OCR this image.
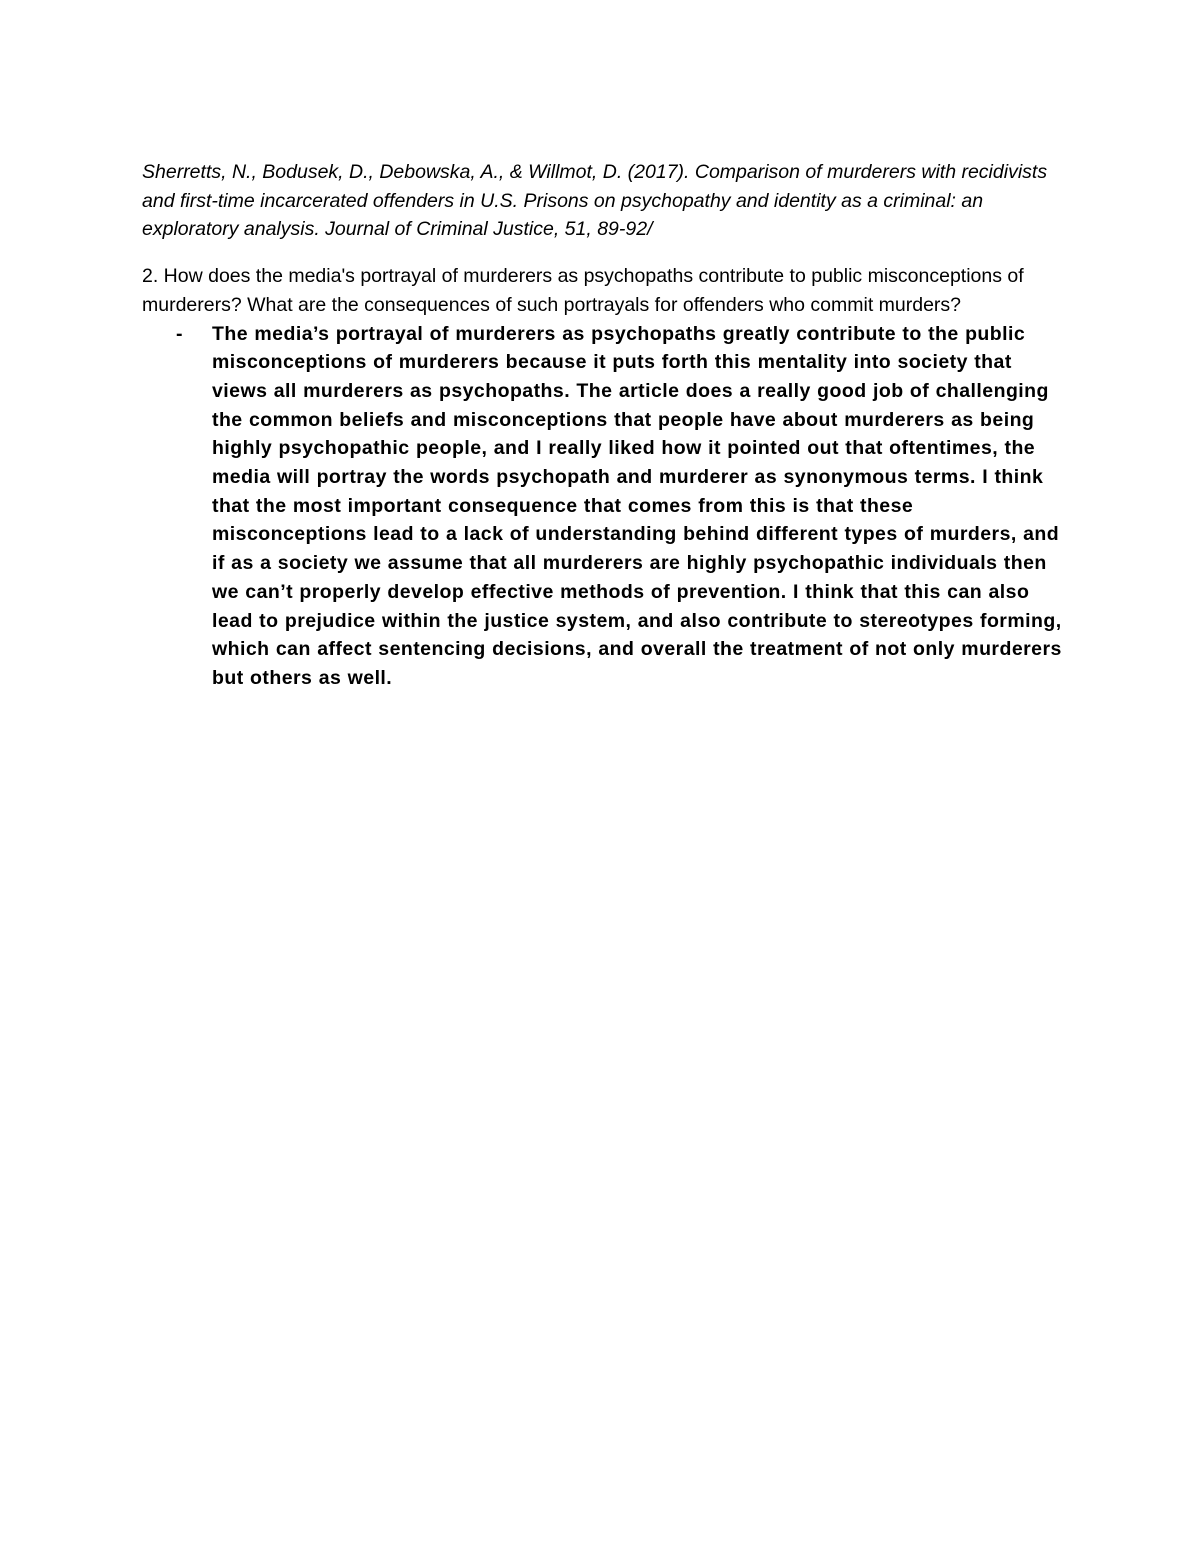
Sherretts, N., Bodusek, D., Debowska, A., & Willmot, D. (2017). Comparison of murderers with recidivists and first-time incarcerated offenders in U.S. Prisons on psychopathy and identity as a criminal: an exploratory analysis. Journal of Criminal Justice, 51, 89-92/

2. How does the media's portrayal of murderers as psychopaths contribute to public misconceptions of murderers? What are the consequences of such portrayals for offenders who commit murders?

-	The media’s portrayal of murderers as psychopaths greatly contribute to the public misconceptions of murderers because it puts forth this mentality into society that views all murderers as psychopaths. The article does a really good job of challenging the common beliefs and misconceptions that people have about murderers as being highly psychopathic people, and I really liked how it pointed out that oftentimes, the media will portray the words psychopath and murderer as synonymous terms. I think that the most important consequence that comes from this is that these misconceptions lead to a lack of understanding behind different types of murders, and if as a society we assume that all murderers are highly psychopathic individuals then we can’t properly develop effective methods of prevention. I think that this can also lead to prejudice within the justice system, and also contribute to stereotypes forming, which can affect sentencing decisions, and overall the treatment of not only murderers but others as well.
